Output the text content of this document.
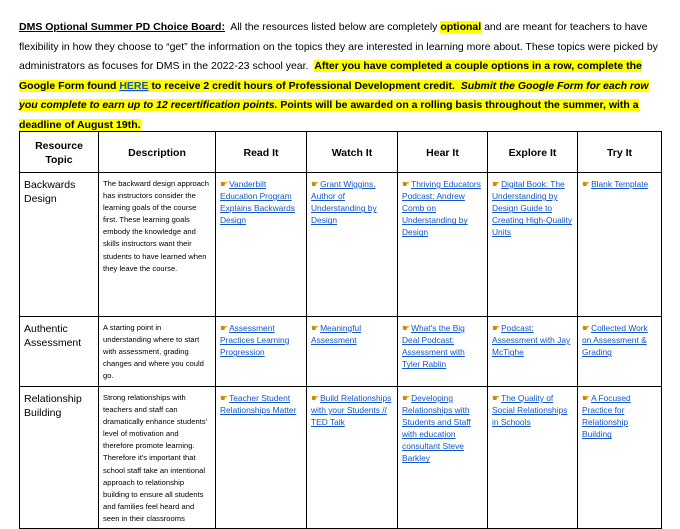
DMS Optional Summer PD Choice Board: All the resources listed below are completely optional and are meant for teachers to have flexibility in how they choose to “get” the information on the topics they are interested in learning more about. These topics were picked by administrators as focuses for DMS in the 2022-23 school year. After you have completed a couple options in a row, complete the Google Form found HERE to receive 2 credit hours of Professional Development credit. Submit the Google Form for each row you complete to earn up to 12 recertification points. Points will be awarded on a rolling basis throughout the summer, with a deadline of August 19th.
Resource Topic	Description	Read It	Watch It	Hear It	Explore It	Try It
Backwards Design	The backward design approach has instructors consider the learning goals of the course first. These learning goals embody the knowledge and skills instructors want their students to have learned when they leave the course.	☛Vanderbilt Education Program Explains Backwards Design	☛Grant Wiggins, Author of Understanding by Design	☛Thriving Educators Podcast: Andrew Comb on Understanding by Design	☛Digital Book: The Understanding by Design Guide to Creating High-Quality Units	☛Blank Template

Authentic Assessment	A starting point in understanding where to start with assessment, grading changes and where you could go.	☛Assessment Practices Learning Progression	☛Meaningful Assessment	☛What's the Big Deal Podcast: Assessment with Tyler Rablin	☛Podcast: Assessment with Jay McTighe	☛Collected Work on Assessment & Grading

Relationship Building	Strong relationships with teachers and staff can dramatically enhance students' level of motivation and therefore promote learning. Therefore it's important that school staff take an intentional approach to relationship building to ensure all students and families feel heard and seen in their classrooms	☛Teacher Student Relationships Matter	☛Build Relationships with your Students // TED Talk	☛Developing Relationships with Students and Staff with education consultant Steve Barkley	☛The Quality of Social Relationships in Schools	☛A Focused Practice for Relationship Building
